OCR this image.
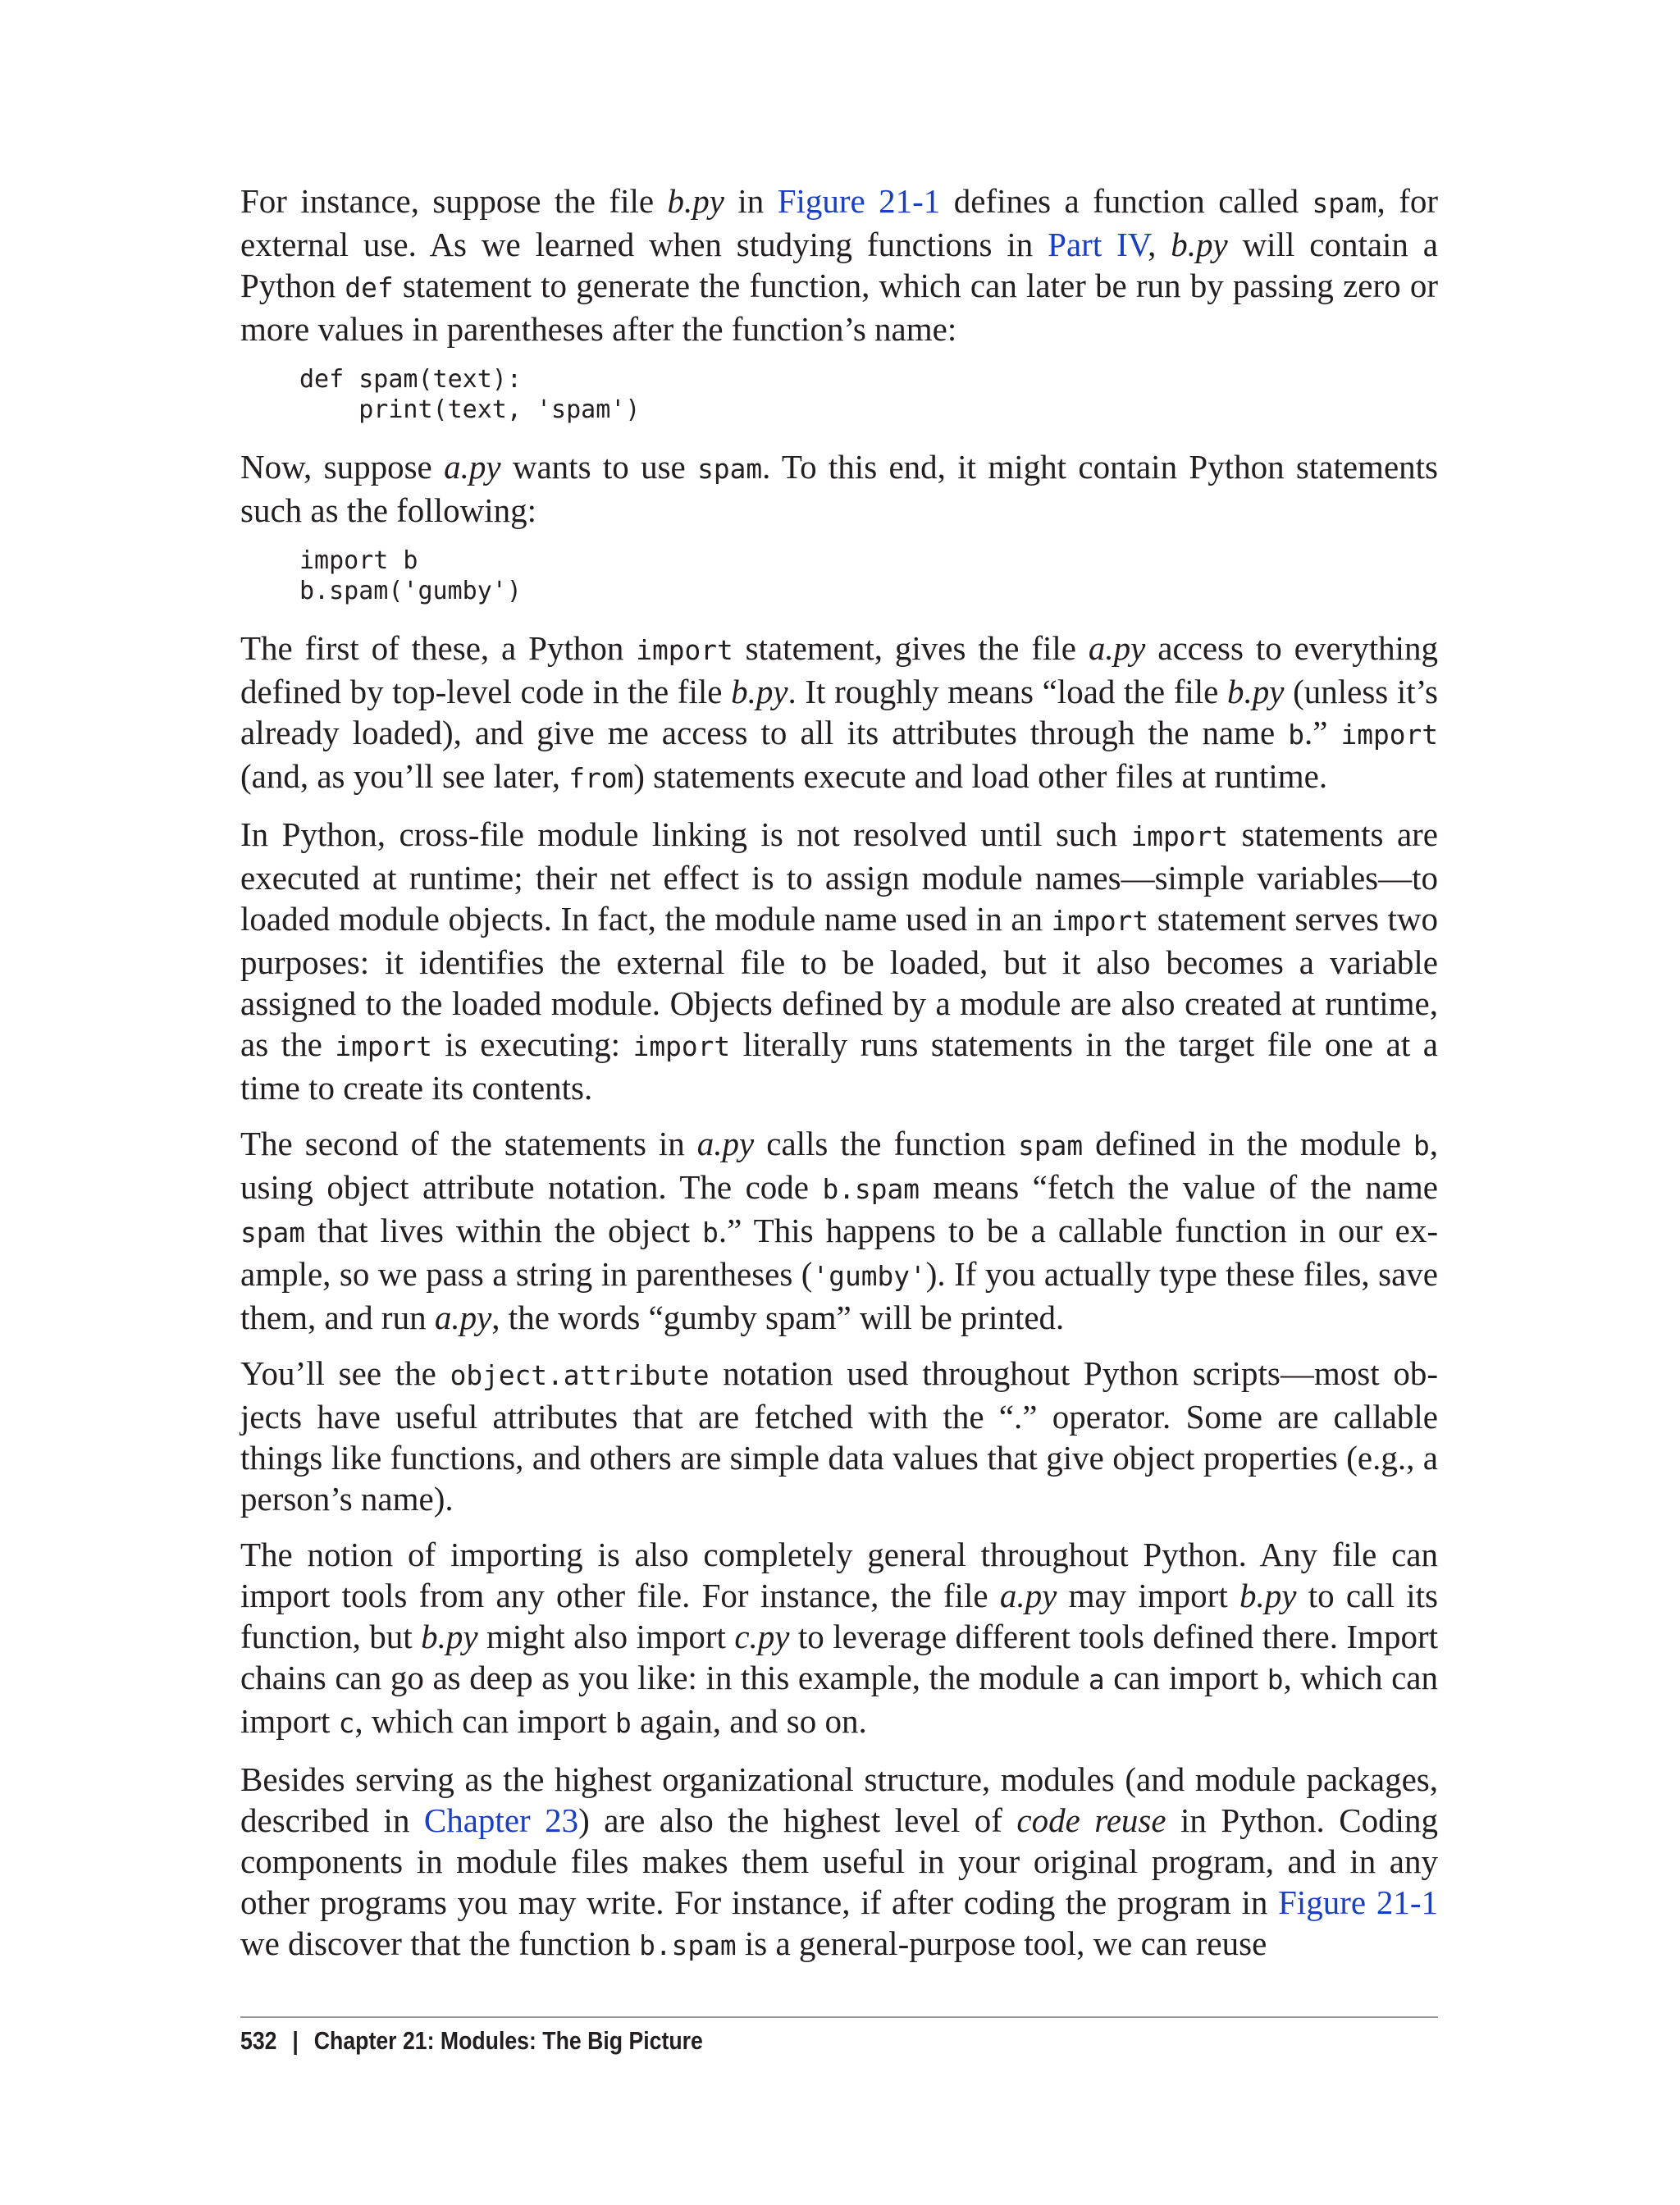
For instance, suppose the file b.py in Figure 21-1 defines a function called spam, for external use. As we learned when studying functions in Part IV, b.py will contain a Python def statement to generate the function, which can later be run by passing zero or more values in parentheses after the function’s name:

def spam(text):
print(text, 'spam')

Now, suppose a.py wants to use spam. To this end, it might contain Python statements such as the following:

import b
b.spam('gumby')

The first of these, a Python import statement, gives the file a.py access to everything defined by top-level code in the file b.py. It roughly means “load the file b.py (unless it’s already loaded), and give me access to all its attributes through the name b.” import (and, as you’ll see later, from) statements execute and load other files at runtime.

In Python, cross-file module linking is not resolved until such import statements are executed at runtime; their net effect is to assign module names—simple variables—to loaded module objects. In fact, the module name used in an import statement serves two purposes: it identifies the external file to be loaded, but it also becomes a variable assigned to the loaded module. Objects defined by a module are also created at runtime, as the import is executing: import literally runs statements in the target file one at a time to create its contents.

The second of the statements in a.py calls the function spam defined in the module b, using object attribute notation. The code b.spam means “fetch the value of the name spam that lives within the object b.” This happens to be a callable function in our example, so we pass a string in parentheses ('gumby'). If you actually type these files, save them, and run a.py, the words “gumby spam” will be printed.

You’ll see the object.attribute notation used throughout Python scripts—most objects have useful attributes that are fetched with the “.” operator. Some are callable things like functions, and others are simple data values that give object properties (e.g., a person’s name).

The notion of importing is also completely general throughout Python. Any file can import tools from any other file. For instance, the file a.py may import b.py to call its function, but b.py might also import c.py to leverage different tools defined there. Import chains can go as deep as you like: in this example, the module a can import b, which can import c, which can import b again, and so on.

Besides serving as the highest organizational structure, modules (and module packages, described in Chapter 23) are also the highest level of code reuse in Python. Coding components in module files makes them useful in your original program, and in any other programs you may write. For instance, if after coding the program in Figure 21-1 we discover that the function b.spam is a general-purpose tool, we can reuse

532 | Chapter 21: Modules: The Big Picture
